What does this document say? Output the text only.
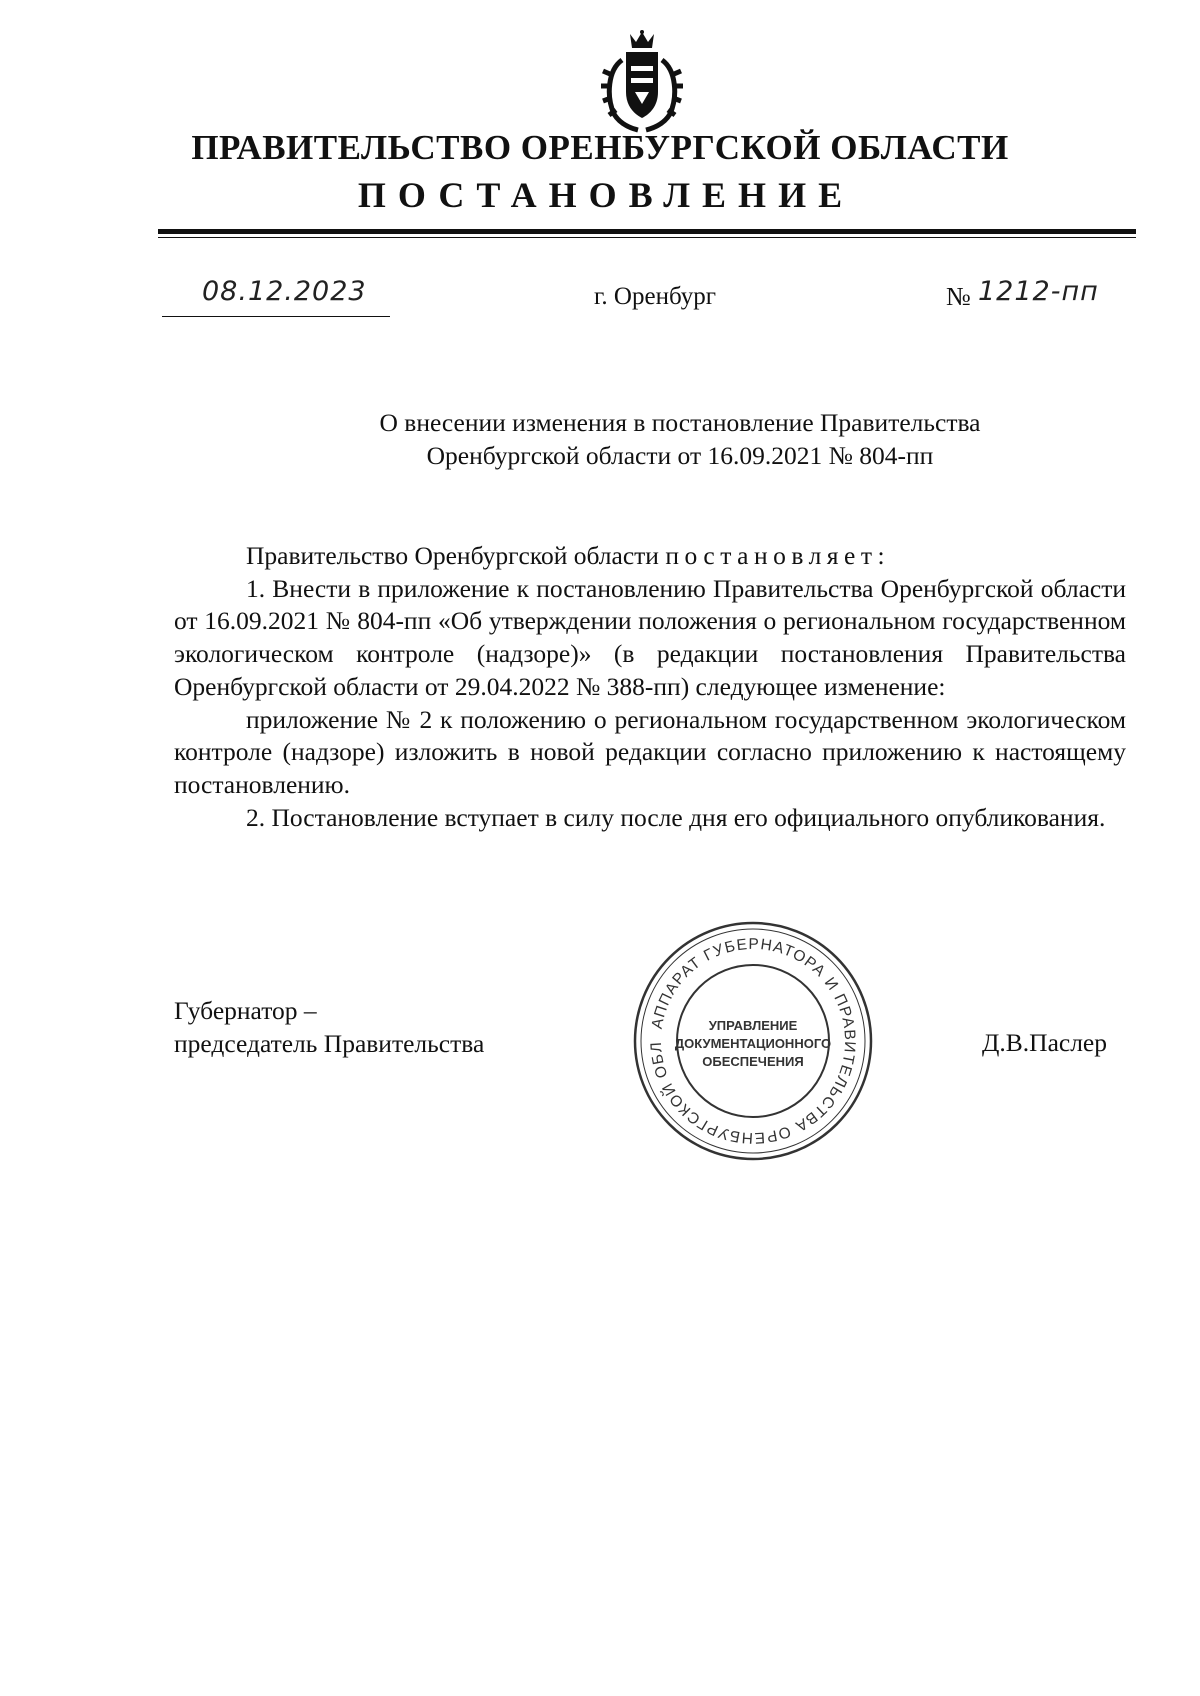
ПРАВИТЕЛЬСТВО ОРЕНБУРГСКОЙ ОБЛАСТИ
ПОСТАНОВЛЕНИЕ
08.12.2023	г. Оренбург	№ 1212-пп
О внесении изменения в постановление Правительства
Оренбургской области от 16.09.2021 № 804-пп

Правительство Оренбургской области постановляет:

1. Внести в приложение к постановлению Правительства Оренбургской области от 16.09.2021 № 804-пп «Об утверждении положения о региональном государственном экологическом контроле (надзоре)» (в редакции постановления Правительства Оренбургской области от 29.04.2022 № 388-пп) следующее изменение:

приложение № 2 к положению о региональном государственном экологическом контроле (надзоре) изложить в новой редакции согласно приложению к настоящему постановлению.

2. Постановление вступает в силу после дня его официального опубликования.

Губернатор –
председатель Правительства	Д.В.Паслер
АППАРАТ ГУБЕРНАТОРА И ПРАВИТЕЛЬСТВА ОРЕНБУРГСКОЙ ОБЛ
УПРАВЛЕНИЕ
ДОКУМЕНТАЦИОННОГО
ОБЕСПЕЧЕНИЯ
